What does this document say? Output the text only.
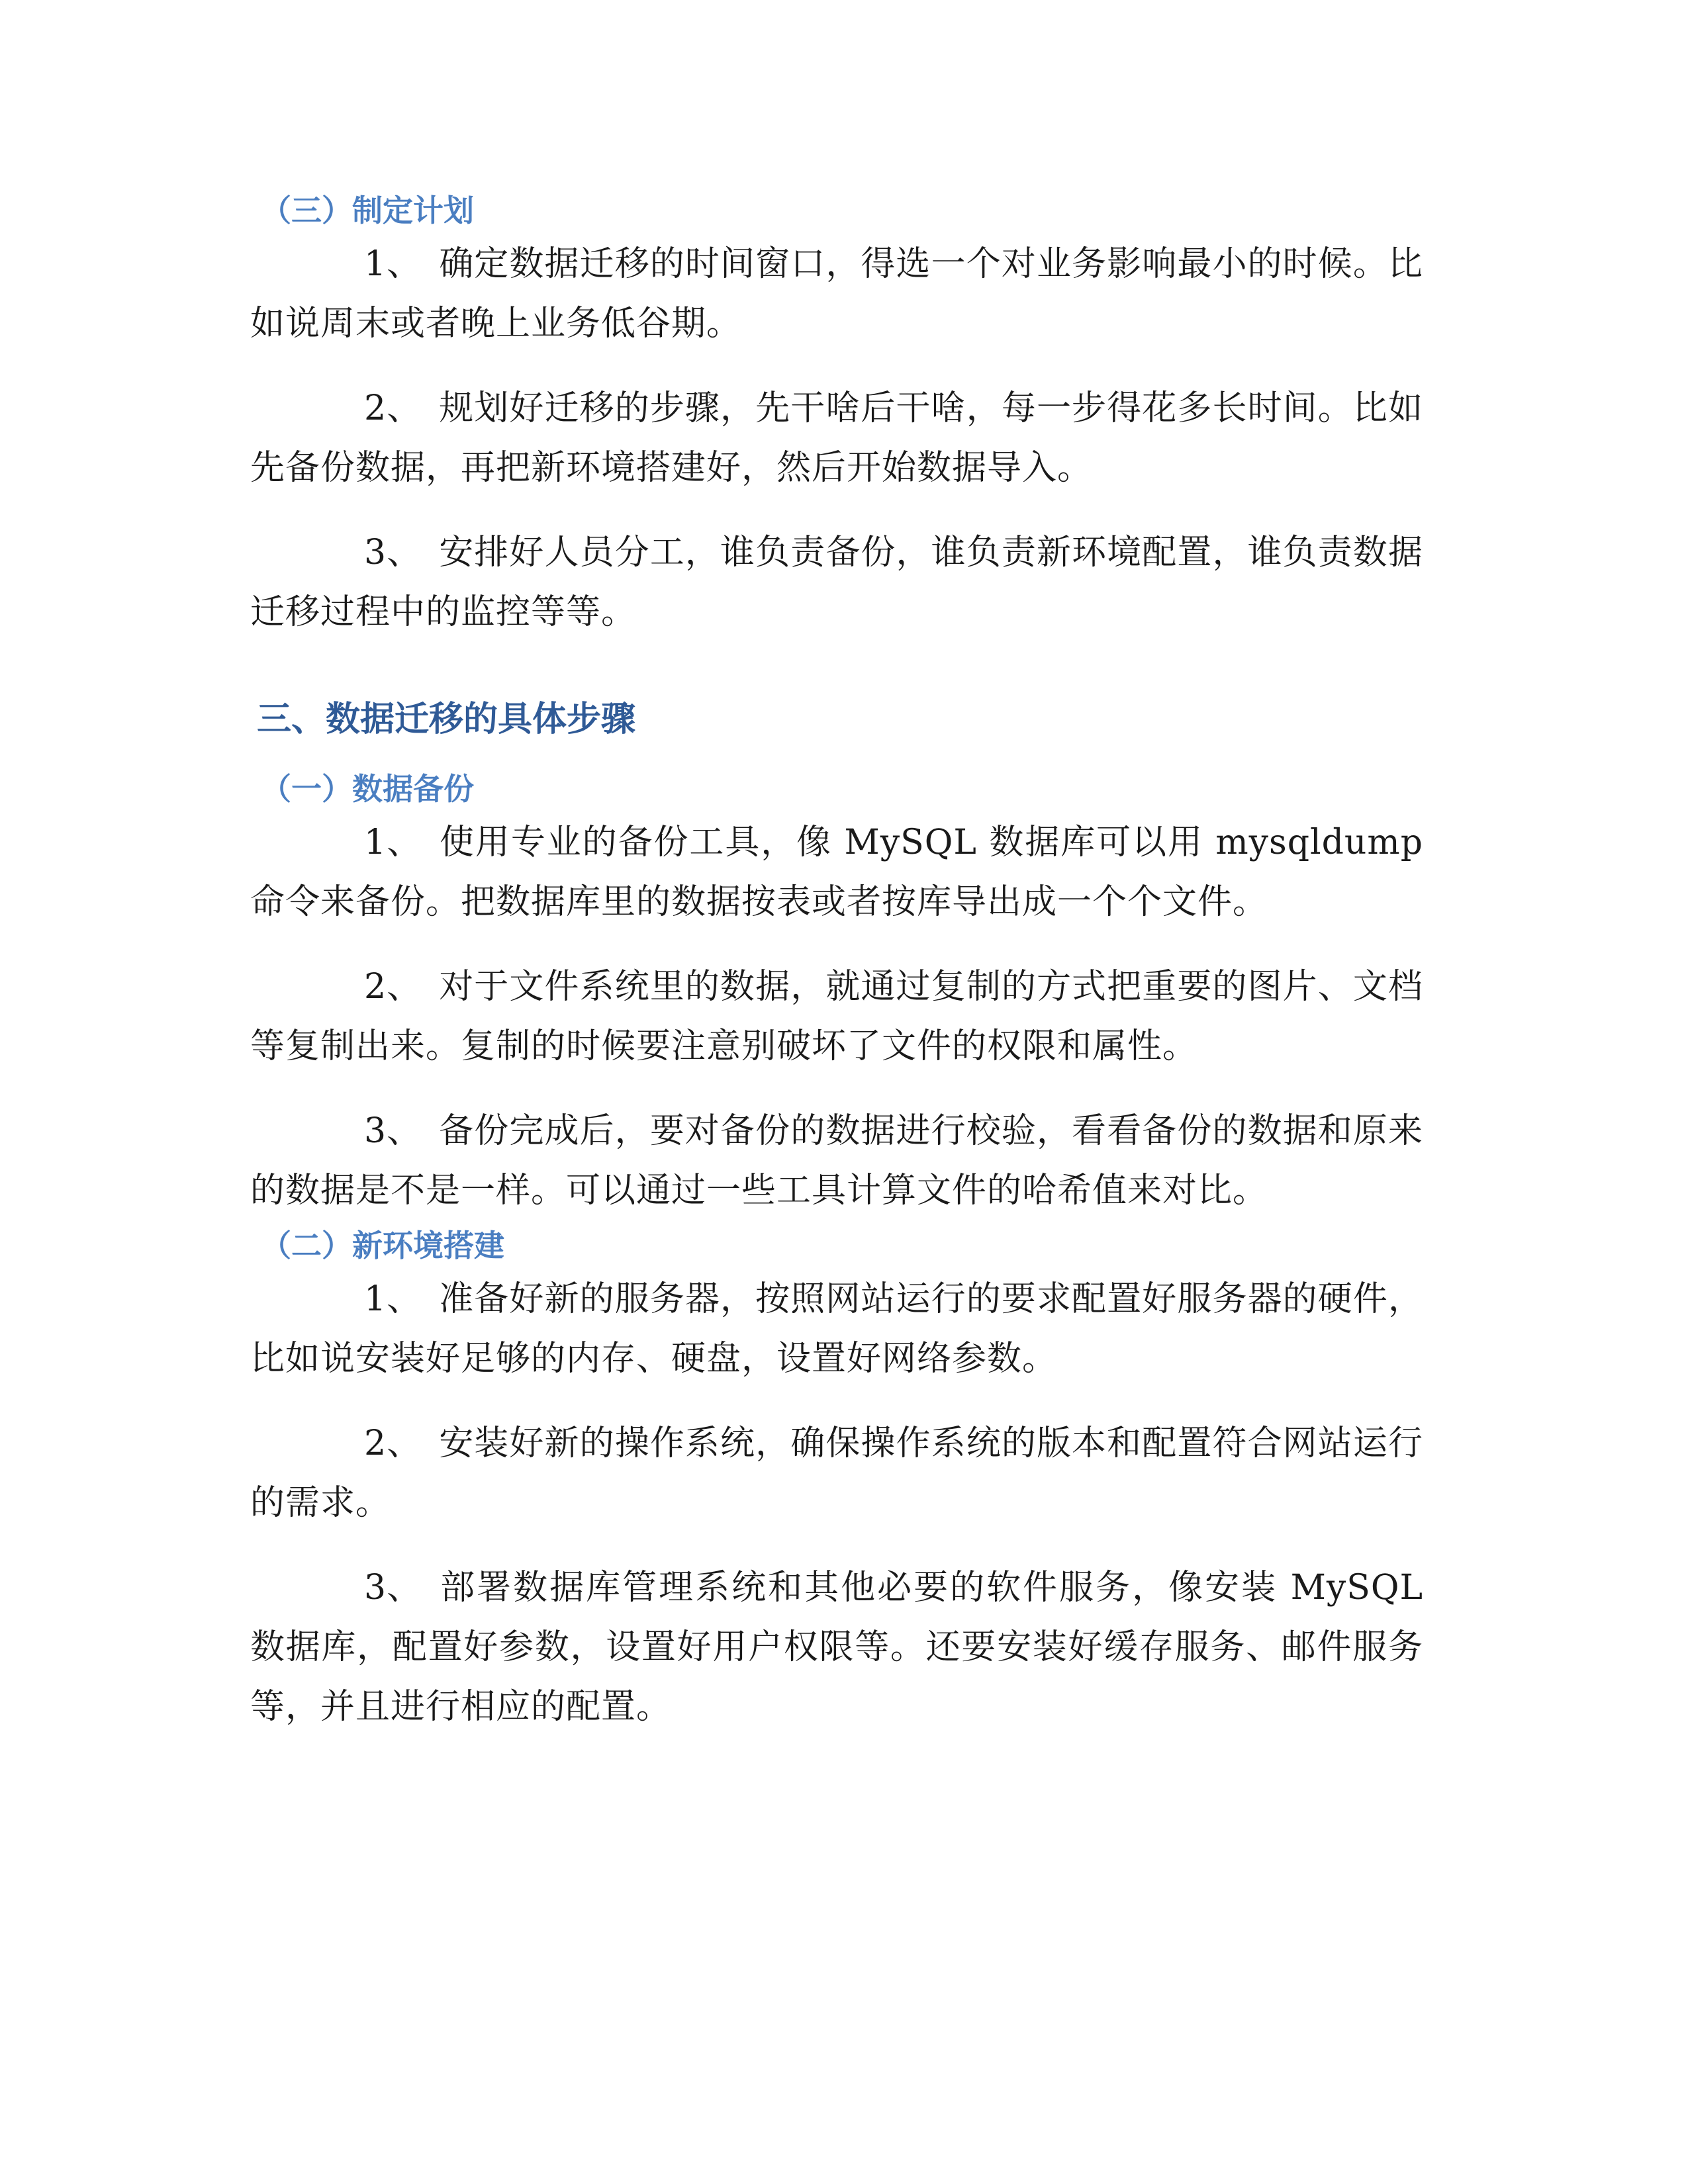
（三）制定计划

1、 确定数据迁移的时间窗口，得选一个对业务影响最小的时候。比如说周末或者晚上业务低谷期。

2、 规划好迁移的步骤，先干啥后干啥，每一步得花多长时间。比如先备份数据，再把新环境搭建好，然后开始数据导入。

3、 安排好人员分工，谁负责备份，谁负责新环境配置，谁负责数据迁移过程中的监控等等。

三、数据迁移的具体步骤
（一）数据备份

1、 使用专业的备份工具，像 MySQL 数据库可以用 mysqldump 命令来备份。把数据库里的数据按表或者按库导出成一个个文件。

2、 对于文件系统里的数据，就通过复制的方式把重要的图片、文档等复制出来。复制的时候要注意别破坏了文件的权限和属性。

3、 备份完成后，要对备份的数据进行校验，看看备份的数据和原来的数据是不是一样。可以通过一些工具计算文件的哈希值来对比。

（二）新环境搭建

1、 准备好新的服务器，按照网站运行的要求配置好服务器的硬件，比如说安装好足够的内存、硬盘，设置好网络参数。

2、 安装好新的操作系统，确保操作系统的版本和配置符合网站运行的需求。

3、 部署数据库管理系统和其他必要的软件服务，像安装 MySQL 数据库，配置好参数，设置好用户权限等。还要安装好缓存服务、邮件服务等，并且进行相应的配置。
